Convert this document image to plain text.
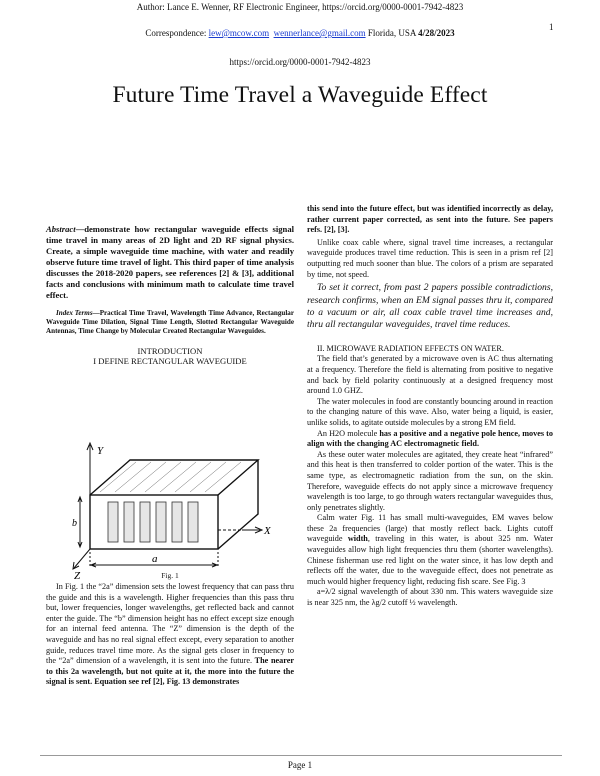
Author: Lance E. Wenner, RF Electronic Engineer, https://orcid.org/0000-0001-7942-4823
1
Correspondence: lew@mcow.com wennerlance@gmail.com Florida, USA 4/28/2023
https://orcid.org/0000-0001-7942-4823
Future Time Travel a Waveguide Effect
Abstract—demonstrate how rectangular waveguide effects signal time travel in many areas of 2D light and 2D RF signal physics. Create, a simple waveguide time machine, with water and readily observe future time travel of light. This third paper of time analysis discusses the 2018-2020 papers, see references [2] & [3], additional facts and conclusions with minimum math to calculate time travel effect.
Index Terms—Practical Time Travel, Wavelength Time Advance, Rectangular Waveguide Time Dilation, Signal Time Length, Slotted Rectangular Waveguide Antennas, Time Change by Molecular Created Rectangular Waveguides.
INTRODUCTION
I DEFINE RECTANGULAR WAVEGUIDE
Y
X
Z
b
a
Fig. 1

In Fig. 1 the “2a” dimension sets the lowest frequency that can pass thru the guide and this is a wavelength. Higher frequencies than this pass thru but, lower frequencies, longer wavelengths, get reflected back and cannot enter the guide. The “b” dimension height has no effect except size enough for an internal feed antenna. The “Z” dimension is the depth of the waveguide and has no real signal effect except, every separation to another guide, reduces travel time more. As the signal gets closer in frequency to the “2a” dimension of a wavelength, it is sent into the future. The nearer to this 2a wavelength, but not quite at it, the more into the future the signal is sent. Equation see ref [2], Fig. 13 demonstrates

this send into the future effect, but was identified incorrectly as delay, rather current paper corrected, as sent into the future. See papers refs. [2], [3].

Unlike coax cable where, signal travel time increases, a rectangular waveguide produces travel time reduction. This is seen in a prism ref [2] outputting red much sooner than blue. The colors of a prism are separated by time, not speed.

To set it correct, from past 2 papers possible contradictions, research confirms, when an EM signal passes thru it, compared to a vacuum or air, all coax cable travel time increases and, thru all rectangular waveguides, travel time reduces.

II. MICROWAVE RADIATION EFFECTS ON WATER.

The field that’s generated by a microwave oven is AC thus alternating at a frequency. Therefore the field is alternating from positive to negative and back by field polarity continuously at a designed frequency most around 1.0 GHZ.

The water molecules in food are constantly bouncing around in reaction to the changing nature of this wave. Also, water being a liquid, is easier, unlike solids, to agitate outside molecules by a strong EM field.

An H2O molecule has a positive and a negative pole hence, moves to align with the changing AC electromagnetic field.

As these outer water molecules are agitated, they create heat “infrared” and this heat is then transferred to colder portion of the water. This is the same type, as electromagnetic radiation from the sun, on the skin. Therefore, waveguide effects do not apply since a microwave frequency wavelength is too large, to go through waters rectangular waveguides thus, only penetrates slightly.

Calm water Fig. 11 has small multi-waveguides, EM waves below these 2a frequencies (large) that mostly reflect back. Lights cutoff waveguide width, traveling in this water, is about 325 nm. Water waveguides allow high light frequencies thru them (shorter wavelengths). Chinese fisherman use red light on the water since, it has low depth and reflects off the water, due to the waveguide effect, does not penetrate as much would higher frequency light, reducing fish scare. See Fig. 3

a=λ/2 signal wavelength of about 330 nm. This waters waveguide size is near 325 nm, the λg/2 cutoff ½ wavelength.

Page 1
